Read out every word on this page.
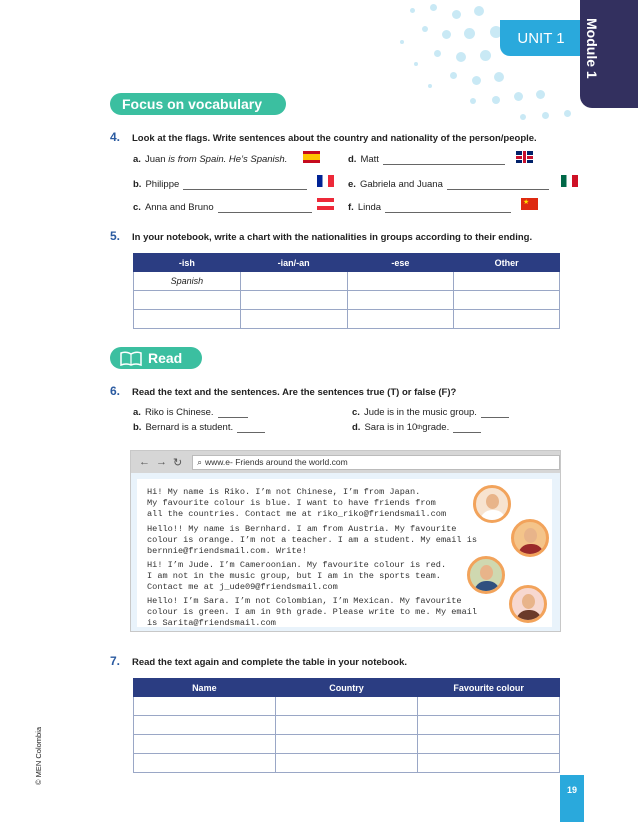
UNIT 1	Module 1
Focus on vocabulary
4.	Look at the flags. Write sentences about the country and nationality of the person/people.
a. Juan
is from Spain. He’s Spanish.	d. Matt
b. Philippe	e. Gabriela and Juana
c. Anna and Bruno	f. Linda
★
5.	In your notebook, write a chart with the nationalities in groups according to their ending.
-ish	-ian/-an	-ese	Other
Spanish			

Read
6.	Read the text and the sentences. Are the sentences true (T) or false (F)?
a. Riko is Chinese.	c. Jude is in the music group.
b. Bernard is a student.	d. Sara is in 10 th grade.
← → ↻ ⌕ www.e- Friends around the world.com
Hi! My name is Riko. I’m not Chinese, I’m from Japan.
My favourite colour is blue. I want to have friends from
all the countries. Contact me at riko_riko@friendsmail.com
Hello!! My name is Bernhard. I am from Austria. My favourite
colour is orange. I’m not a teacher. I am a student. My email is
bernnie@friendsmail.com. Write!
Hi! I’m Jude. I’m Cameroonian. My favourite colour is red.
I am not in the music group, but I am in the sports team.
Contact me at j_ude09@friendsmail.com
Hello! I’m Sara. I’m not Colombian, I’m Mexican. My favourite
colour is green. I am in 9th grade. Please write to me. My email
is Sarita@friendsmail.com
7.	Read the text again and complete the table in your notebook.
Name	Country	Favourite colour

19
© MEN Colombia
